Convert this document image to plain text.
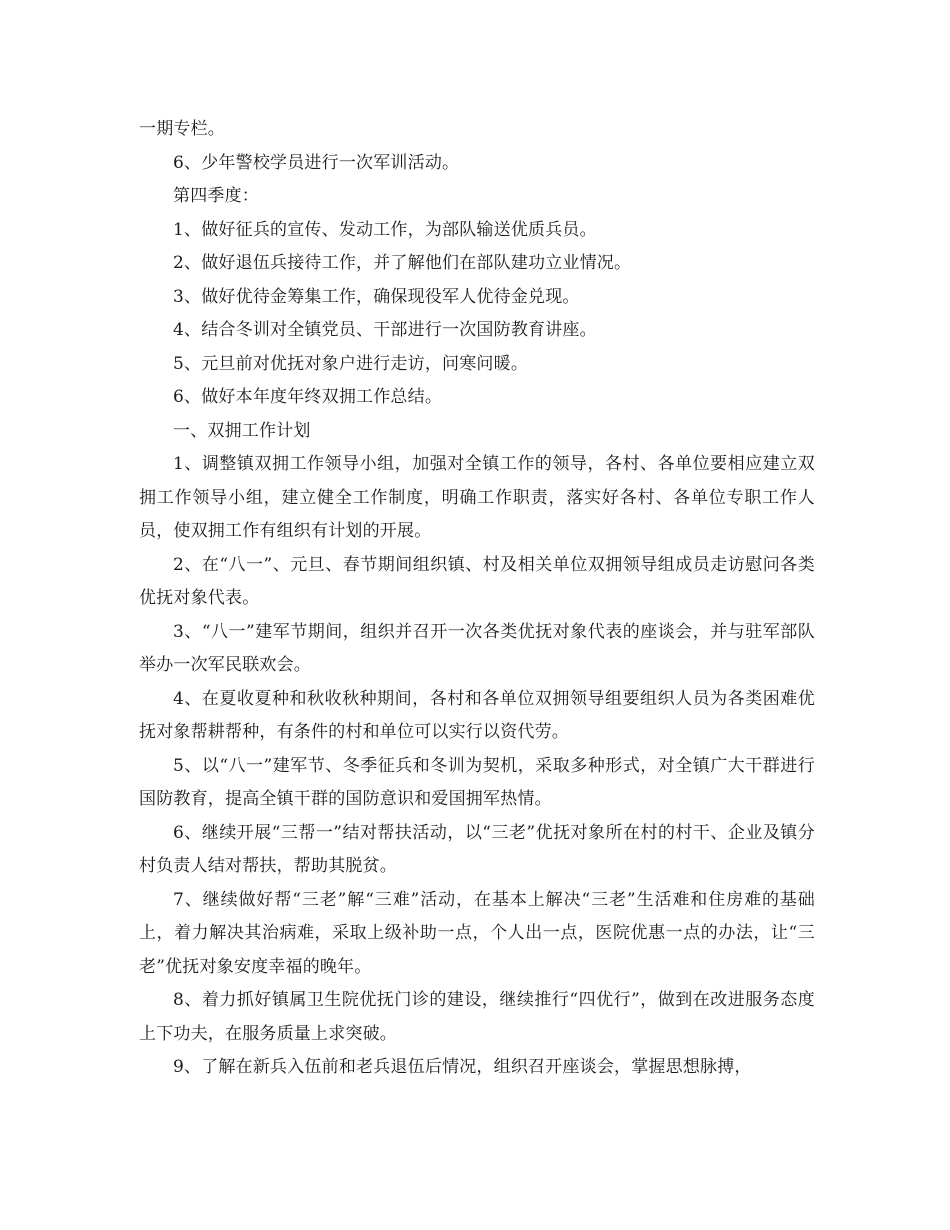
一期专栏。

6、少年警校学员进行一次军训活动。

第四季度：

1、做好征兵的宣传、发动工作，为部队输送优质兵员。

2、做好退伍兵接待工作，并了解他们在部队建功立业情况。

3、做好优待金筹集工作，确保现役军人优待金兑现。

4、结合冬训对全镇党员、干部进行一次国防教育讲座。

5、元旦前对优抚对象户进行走访，问寒问暖。

6、做好本年度年终双拥工作总结。

一、双拥工作计划

1、调整镇双拥工作领导小组，加强对全镇工作的领导，各村、各单位要相应建立双拥工作领导小组，建立健全工作制度，明确工作职责，落实好各村、各单位专职工作人员，使双拥工作有组织有计划的开展。

2、在“八一”、元旦、春节期间组织镇、村及相关单位双拥领导组成员走访慰问各类优抚对象代表。

3、“八一”建军节期间，组织并召开一次各类优抚对象代表的座谈会，并与驻军部队举办一次军民联欢会。

4、在夏收夏种和秋收秋种期间，各村和各单位双拥领导组要组织人员为各类困难优抚对象帮耕帮种，有条件的村和单位可以实行以资代劳。

5、以“八一”建军节、冬季征兵和冬训为契机，采取多种形式，对全镇广大干群进行国防教育，提高全镇干群的国防意识和爱国拥军热情。

6、继续开展“三帮一”结对帮扶活动，以“三老”优抚对象所在村的村干、企业及镇分村负责人结对帮扶，帮助其脱贫。

7、继续做好帮“三老”解“三难”活动，在基本上解决“三老”生活难和住房难的基础上，着力解决其治病难，采取上级补助一点，个人出一点，医院优惠一点的办法，让“三老”优抚对象安度幸福的晚年。

8、着力抓好镇属卫生院优抚门诊的建设，继续推行“四优行”，做到在改进服务态度上下功夫，在服务质量上求突破。

9、了解在新兵入伍前和老兵退伍后情况，组织召开座谈会，掌握思想脉搏，
